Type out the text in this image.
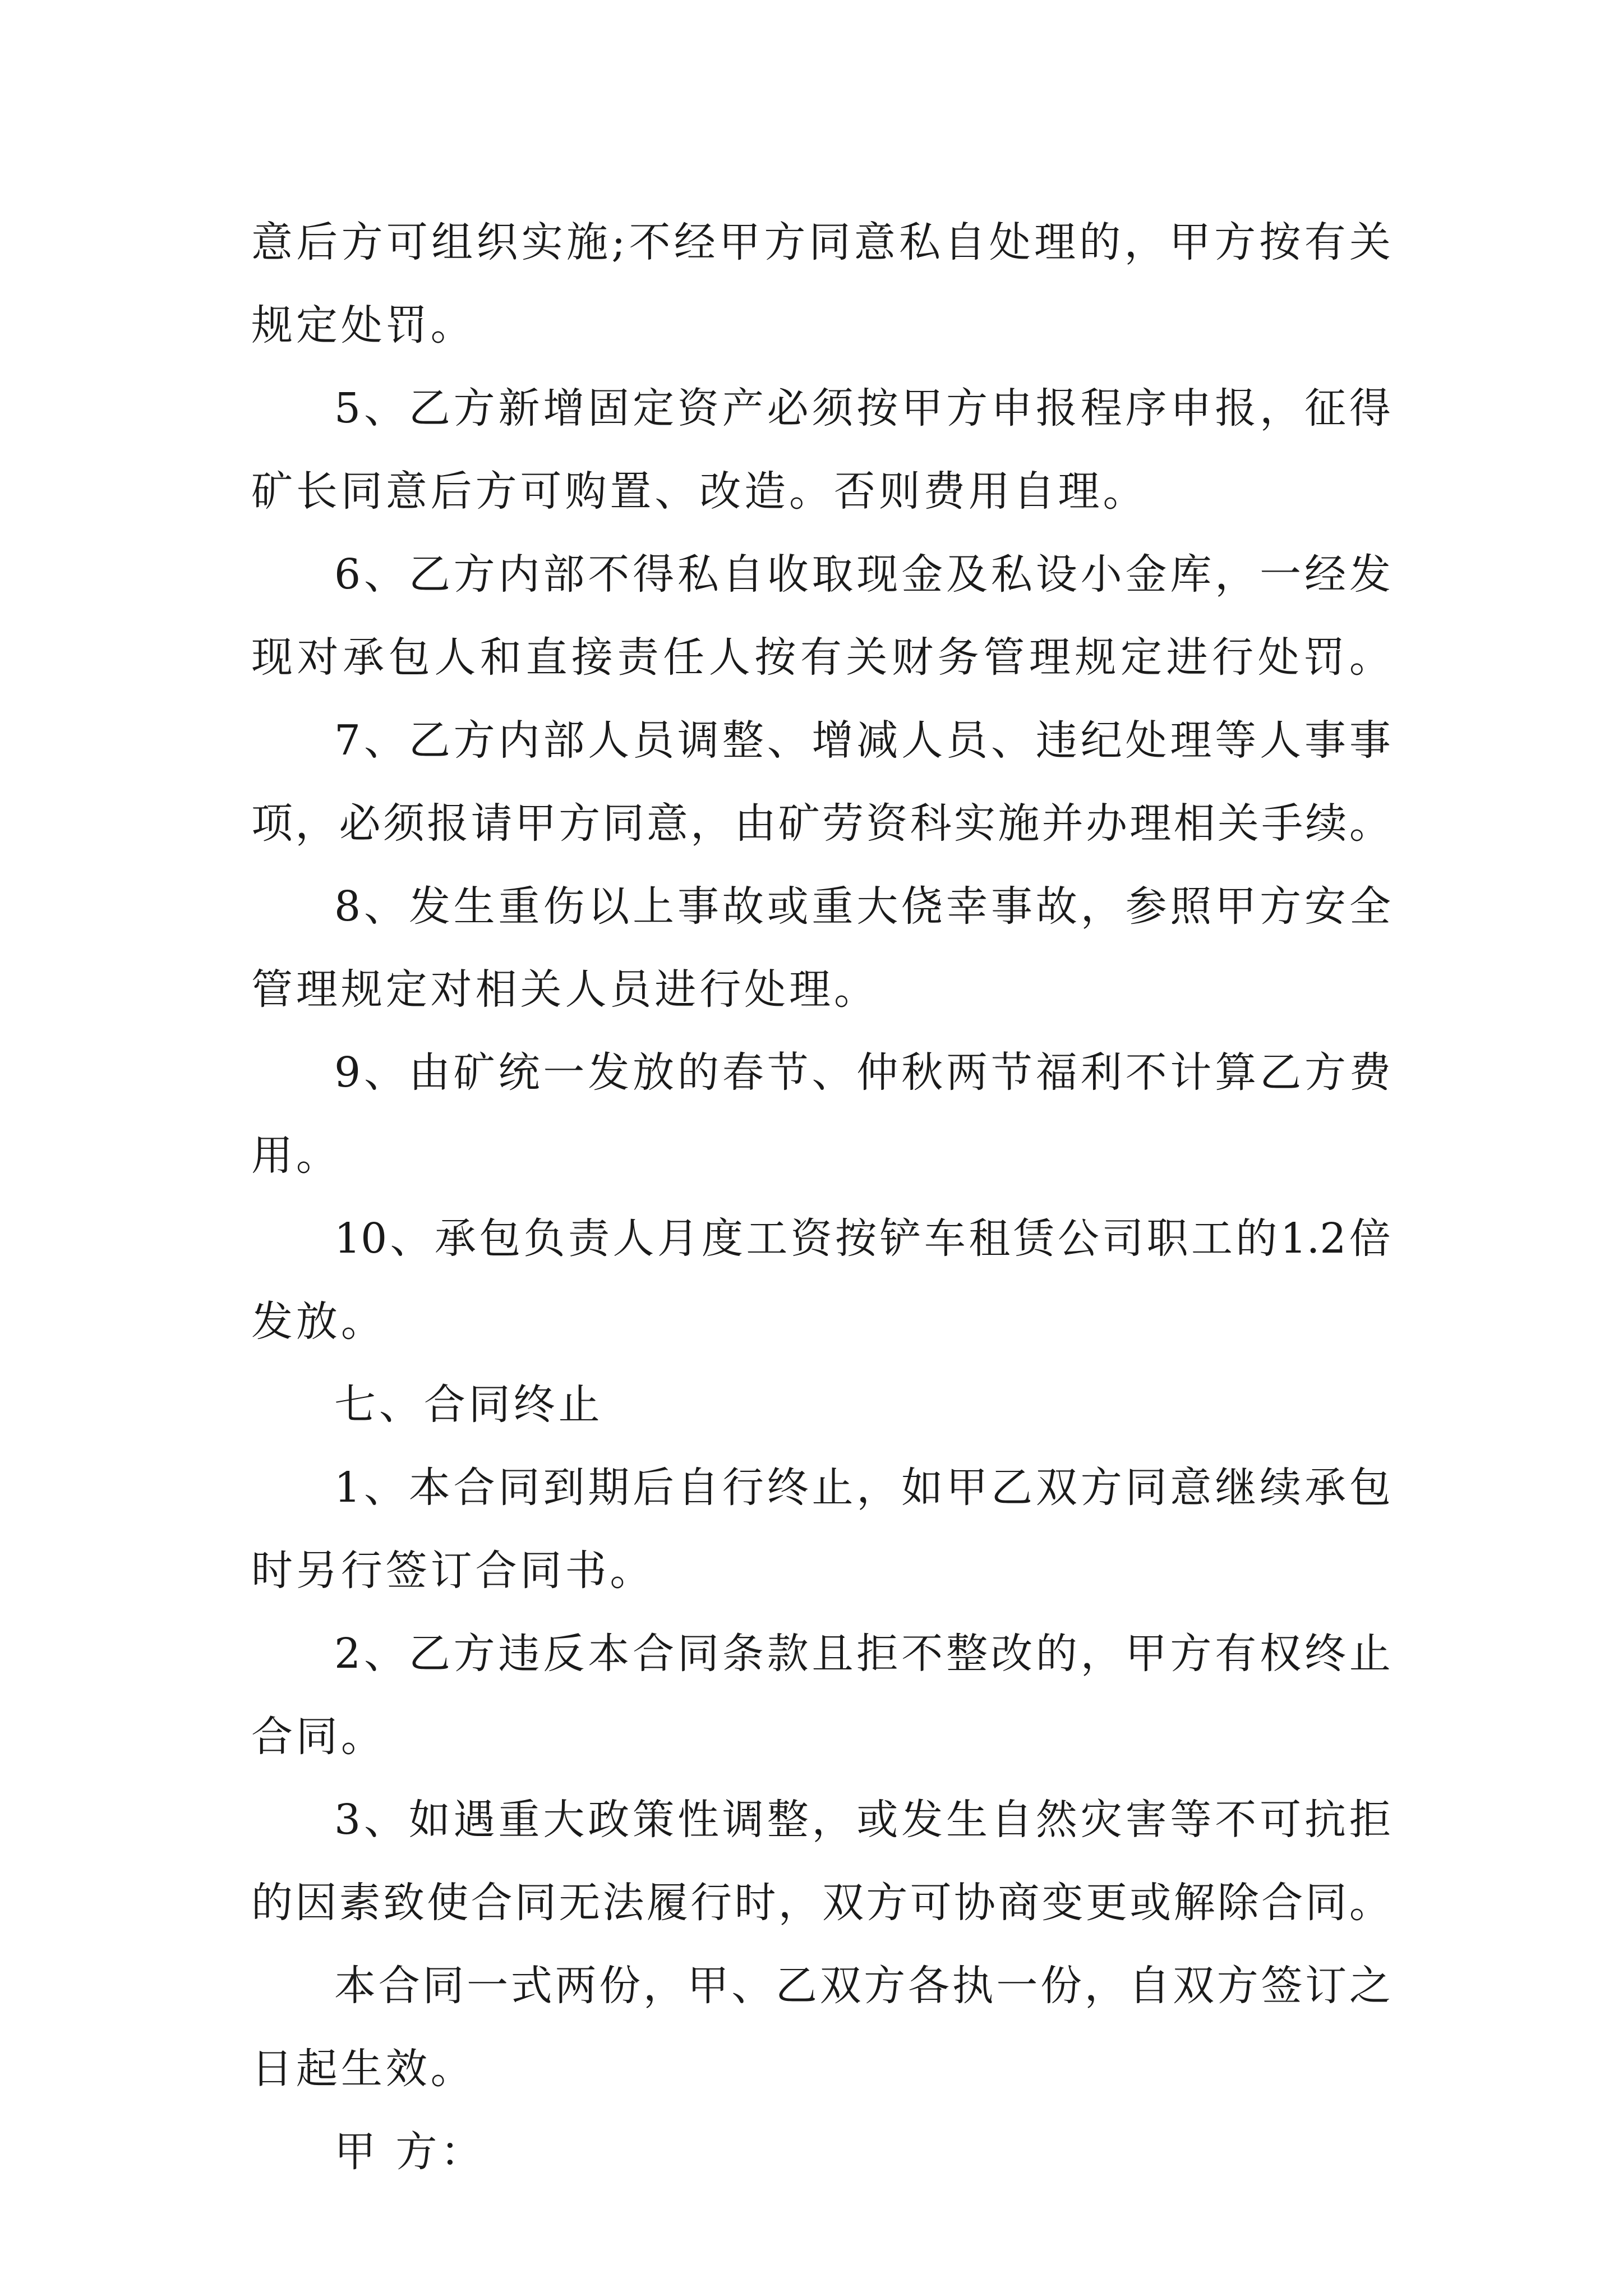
意 后 方 可 组 织 实 施 ; 不 经 甲 方 同 意 私 自 处 理 的 ， 甲 方 按 有 关
规定处罚。
5 、 乙 方 新 增 固 定 资 产 必 须 按 甲 方 申 报 程 序 申 报 ， 征 得
矿长同意后方可购置、改造。否则费用自理。
6 、 乙 方 内 部 不 得 私 自 收 取 现 金 及 私 设 小 金 库 ， 一 经 发
现 对 承 包 人 和 直 接 责 任 人 按 有 关 财 务 管 理 规 定 进 行 处 罚 。
7 、 乙 方 内 部 人 员 调 整 、 增 减 人 员 、 违 纪 处 理 等 人 事 事
项 ， 必 须 报 请 甲 方 同 意 ， 由 矿 劳 资 科 实 施 并 办 理 相 关 手 续 。
8 、 发 生 重 伤 以 上 事 故 或 重 大 侥 幸 事 故 ， 参 照 甲 方 安 全
管理规定对相关人员进行处理。
9 、 由 矿 统 一 发 放 的 春 节 、 仲 秋 两 节 福 利 不 计 算 乙 方 费
用。
10 、 承 包 负 责 人 月 度 工 资 按 铲 车 租 赁 公 司 职 工 的 1.2 倍
发放。
七、合同终止
1 、 本 合 同 到 期 后 自 行 终 止 ， 如 甲 乙 双 方 同 意 继 续 承 包
时另行签订合同书。
2 、 乙 方 违 反 本 合 同 条 款 且 拒 不 整 改 的 ， 甲 方 有 权 终 止
合同。
3 、 如 遇 重 大 政 策 性 调 整 ， 或 发 生 自 然 灾 害 等 不 可 抗 拒
的 因 素 致 使 合 同 无 法 履 行 时 ， 双 方 可 协 商 变 更 或 解 除 合 同 。
本 合 同 一 式 两 份 ， 甲 、 乙 双 方 各 执 一 份 ， 自 双 方 签 订 之
日起生效。
甲 方：
